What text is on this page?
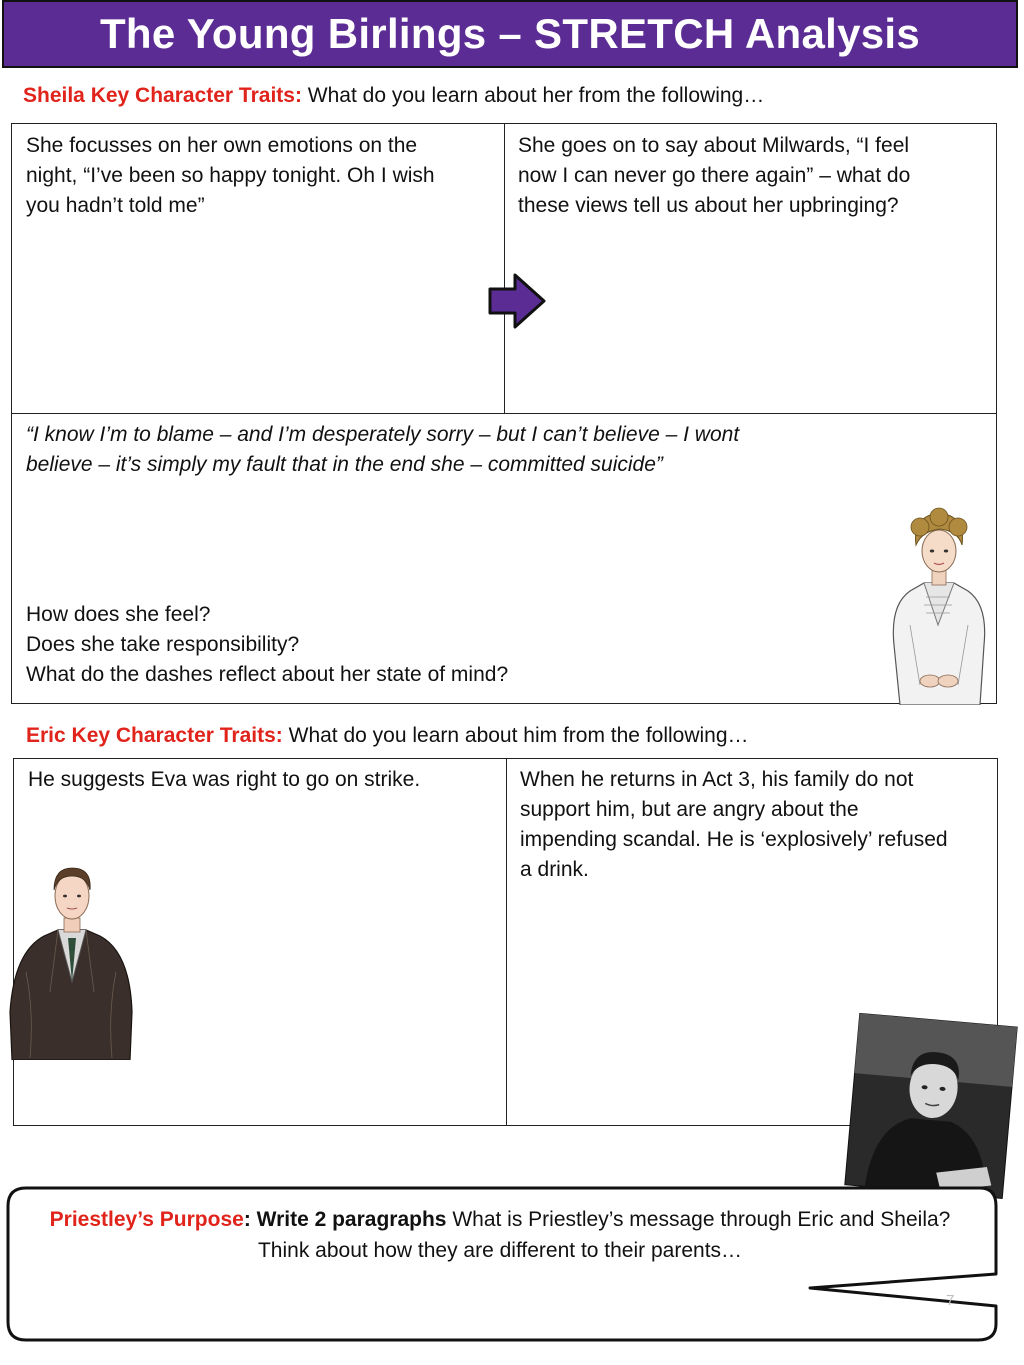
The Young Birlings – STRETCH Analysis
Sheila Key Character Traits: What do you learn about her from the following…
She focusses on her own emotions on the
night, “I’ve been so happy tonight. Oh I wish
you hadn’t told me”
She goes on to say about Milwards, “I feel
now I can never go there again” – what do
these views tell us about her upbringing?
“I know I’m to blame – and I’m desperately sorry – but I can’t believe – I wont
believe – it’s simply my fault that in the end she – committed suicide”
How does she feel?
Does she take responsibility?
What do the dashes reflect about her state of mind?
Eric Key Character Traits: What do you learn about him from the following…
He suggests Eva was right to go on strike.	When he returns in Act 3, his family do not
support him, but are angry about the
impending scandal. He is ‘explosively’ refused
a drink.
Priestley’s Purpose: Write 2 paragraphs What is Priestley’s message through Eric and Sheila?
Think about how they are different to their parents…
7
